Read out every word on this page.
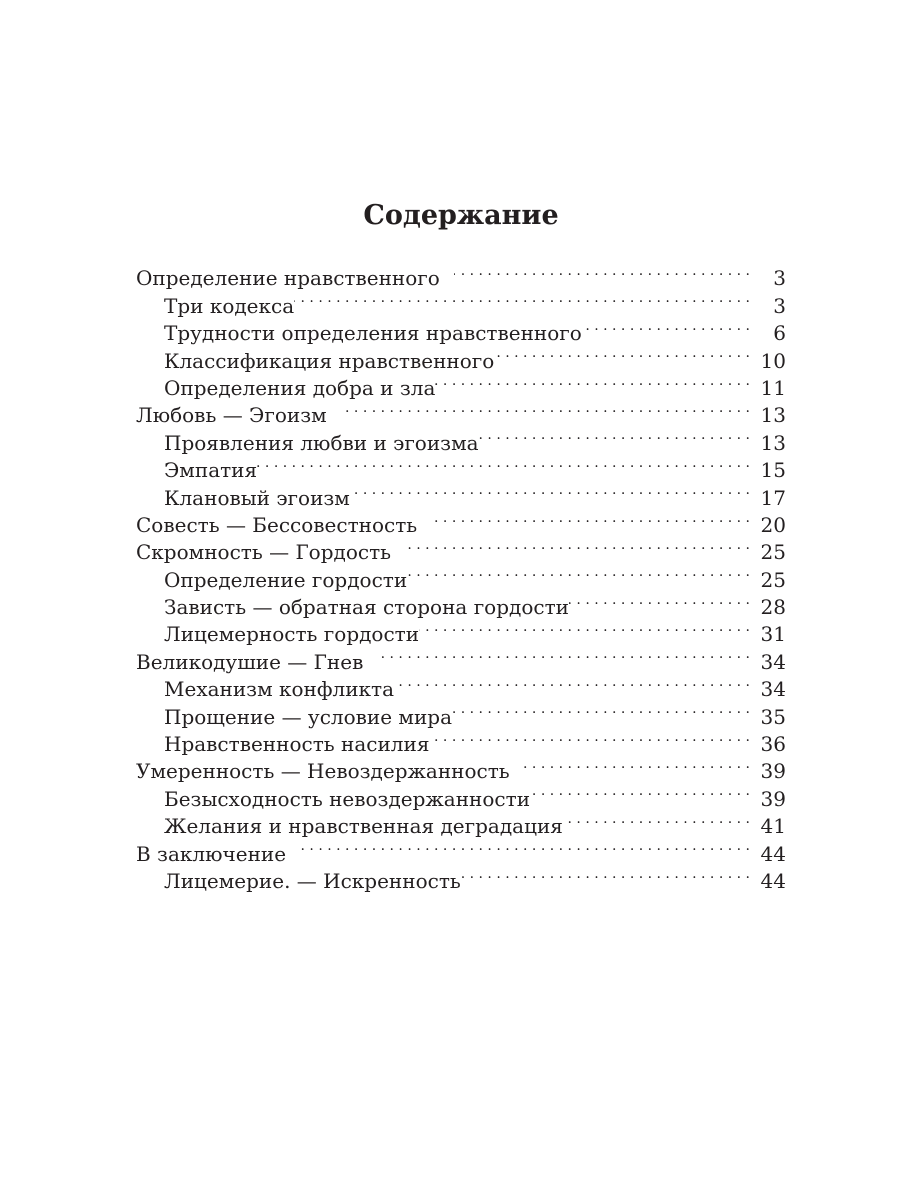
Содержание
Определение нравственного . . .	3
Три кодекса . . .	3
Трудности определения нравственного . . .	6
Классификация нравственного . . .	10
Определения добра и зла . . .	11
Любовь — Эгоизм . . .	13
Проявления любви и эгоизма . . .	13
Эмпатия . . .	15
Клановый эгоизм . . .	17
Совесть — Бессовестность . . .	20
Скромность — Гордость . . .	25
Определение гордости . . .	25
Зависть — обратная сторона гордости . . .	28
Лицемерность гордости . . .	31
Великодушие — Гнев . . .	34
Механизм конфликта . . .	34
Прощение — условие мира . . .	35
Нравственность насилия . . .	36
Умеренность — Невоздержанность . . .	39
Безысходность невоздержанности . . .	39
Желания и нравственная деградация . . .	41
В заключение . . .	44
Лицемерие. — Искренность . . .	44
